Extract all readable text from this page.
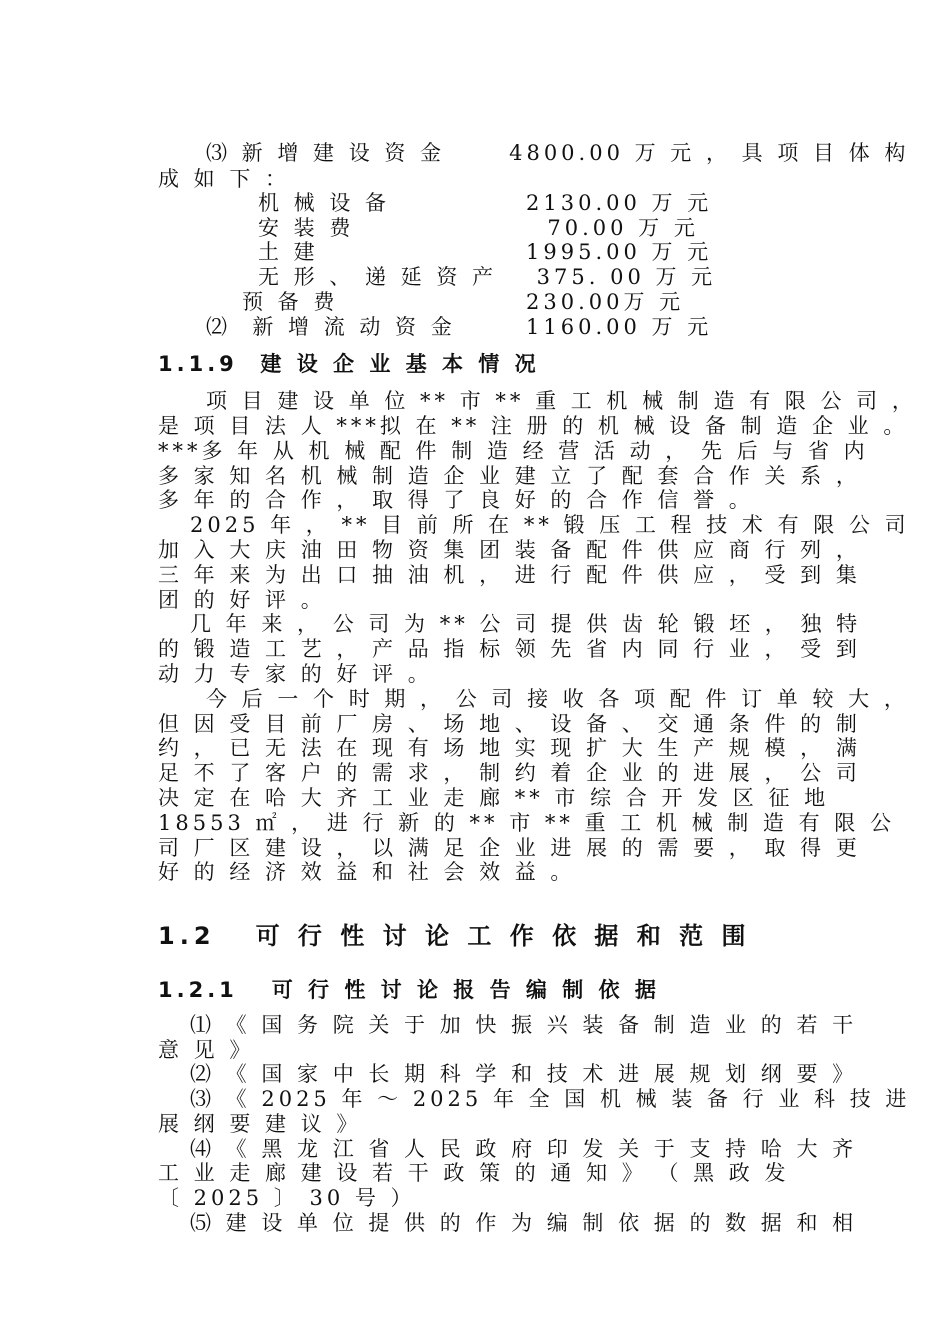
⑶ 新 增 建 设 资 金      4800.00 万 元 ， 具 项 目 体 构
成 如 下 ：
机 械 设 备	2130.00 万 元
安 装 费	70.00 万 元
土 建	1995.00 万 元
无 形 、 递 延 资 产 375. 00 万 元
预 备 费	230.00万 元
⑵  新 增 流 动 资 金	1160.00 万 元
1.1.9  建 设 企 业 基 本 情 况
项 目 建 设 单 位 ** 市 ** 重 工 机 械 制 造 有 限 公 司 ，
是 项 目 法 人 ***拟 在 ** 注 册 的 机 械 设 备 制 造 企 业 。
***多 年 从 机 械 配 件 制 造 经 营 活 动 ， 先 后 与 省 内
多 家 知 名 机 械 制 造 企 业 建 立 了 配 套 合 作 关 系 ，
多 年 的 合 作 ， 取 得 了 良 好 的 合 作 信 誉 。
2025 年 ， ** 目 前 所 在 ** 锻 压 工 程 技 术 有 限 公 司
加 入 大 庆 油 田 物 资 集 团 装 备 配 件 供 应 商 行 列 ，
三 年 来 为 出 口 抽 油 机 ， 进 行 配 件 供 应 ， 受 到 集
团 的 好 评 。
几 年 来 ， 公 司 为 ** 公 司 提 供 齿 轮 锻 坯 ， 独 特
的 锻 造 工 艺 ， 产 品 指 标 领 先 省 内 同 行 业 ， 受 到
动 力 专 家 的 好 评 。
今 后 一 个 时 期 ， 公 司 接 收 各 项 配 件 订 单 较 大 ，
但 因 受 目 前 厂 房 、 场 地 、 设 备 、 交 通 条 件 的 制
约 ， 已 无 法 在 现 有 场 地 实 现 扩 大 生 产 规 模 ， 满
足 不 了 客 户 的 需 求 ， 制 约 着 企 业 的 进 展 ， 公 司
决 定 在 哈 大 齐 工 业 走 廊 ** 市 综 合 开 发 区 征 地
18553 ㎡ ， 进 行 新 的 ** 市 ** 重 工 机 械 制 造 有 限 公
司 厂 区 建 设 ， 以 满 足 企 业 进 展 的 需 要 ， 取 得 更
好 的 经 济 效 益 和 社 会 效 益 。
1.2   可 行 性 讨 论 工 作 依 据 和 范 围
1.2.1   可 行 性 讨 论 报 告 编 制 依 据
⑴ 《 国 务 院 关 于 加 快 振 兴 装 备 制 造 业 的 若 干
意 见 》
⑵ 《 国 家 中 长 期 科 学 和 技 术 进 展 规 划 纲 要 》
⑶ 《 2025 年 ～ 2025 年 全 国 机 械 装 备 行 业 科 技 进
展 纲 要 建 议 》
⑷ 《 黑 龙 江 省 人 民 政 府 印 发 关 于 支 持 哈 大 齐
工 业 走 廊 建 设 若 干 政 策 的 通 知 》 （ 黑 政 发
〔 2025 〕 30 号 ）
⑸ 建 设 单 位 提 供 的 作 为 编 制 依 据 的 数 据 和 相
